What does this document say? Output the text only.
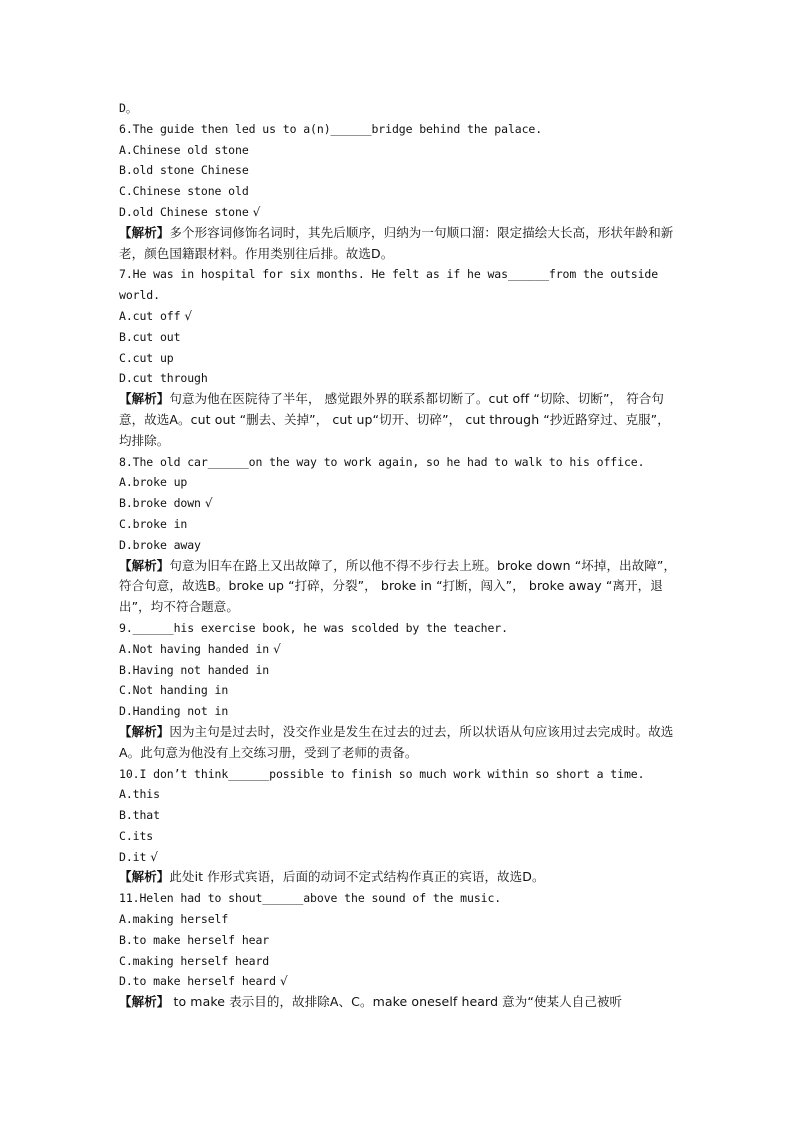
D。
6.The guide then led us to a(n)______bridge behind the palace.
A.Chinese old stone
B.old stone Chinese
C.Chinese stone old
D.old Chinese stone √
【解析】多个形容词修饰名词时，其先后顺序，归纳为一句顺口溜：限定描绘大长高，形状年龄和新老，颜色国籍跟材料。作用类别往后排。故选D。
7.He was in hospital for six months. He felt as if he was______from the outside world.
A.cut off √
B.cut out
C.cut up
D.cut through
【解析】句意为他在医院待了半年， 感觉跟外界的联系都切断了。cut off “切除、切断”， 符合句意，故选A。cut out “删去、关掉”， cut up“切开、切碎”， cut through “抄近路穿过、克服”，均排除。
8.The old car______on the way to work again, so he had to walk to his office.
A.broke up
B.broke down √
C.broke in
D.broke away
【解析】句意为旧车在路上又出故障了，所以他不得不步行去上班。broke down “坏掉，出故障”，符合句意，故选B。broke up “打碎，分裂”， broke in “打断，闯入”， broke away “离开，退出”，均不符合题意。
9.______his exercise book, he was scolded by the teacher.
A.Not having handed in √
B.Having not handed in
C.Not handing in
D.Handing not in
【解析】因为主句是过去时，没交作业是发生在过去的过去，所以状语从句应该用过去完成时。故选A。此句意为他没有上交练习册，受到了老师的责备。
10.I don’t think______possible to finish so much work within so short a time.
A.this
B.that
C.its
D.it √
【解析】此处it 作形式宾语，后面的动词不定式结构作真正的宾语，故选D。
11.Helen had to shout______above the sound of the music.
A.making herself
B.to make herself hear
C.making herself heard
D.to make herself heard √
【解析】 to make 表示目的，故排除A、C。make oneself heard 意为“使某人自己被听
